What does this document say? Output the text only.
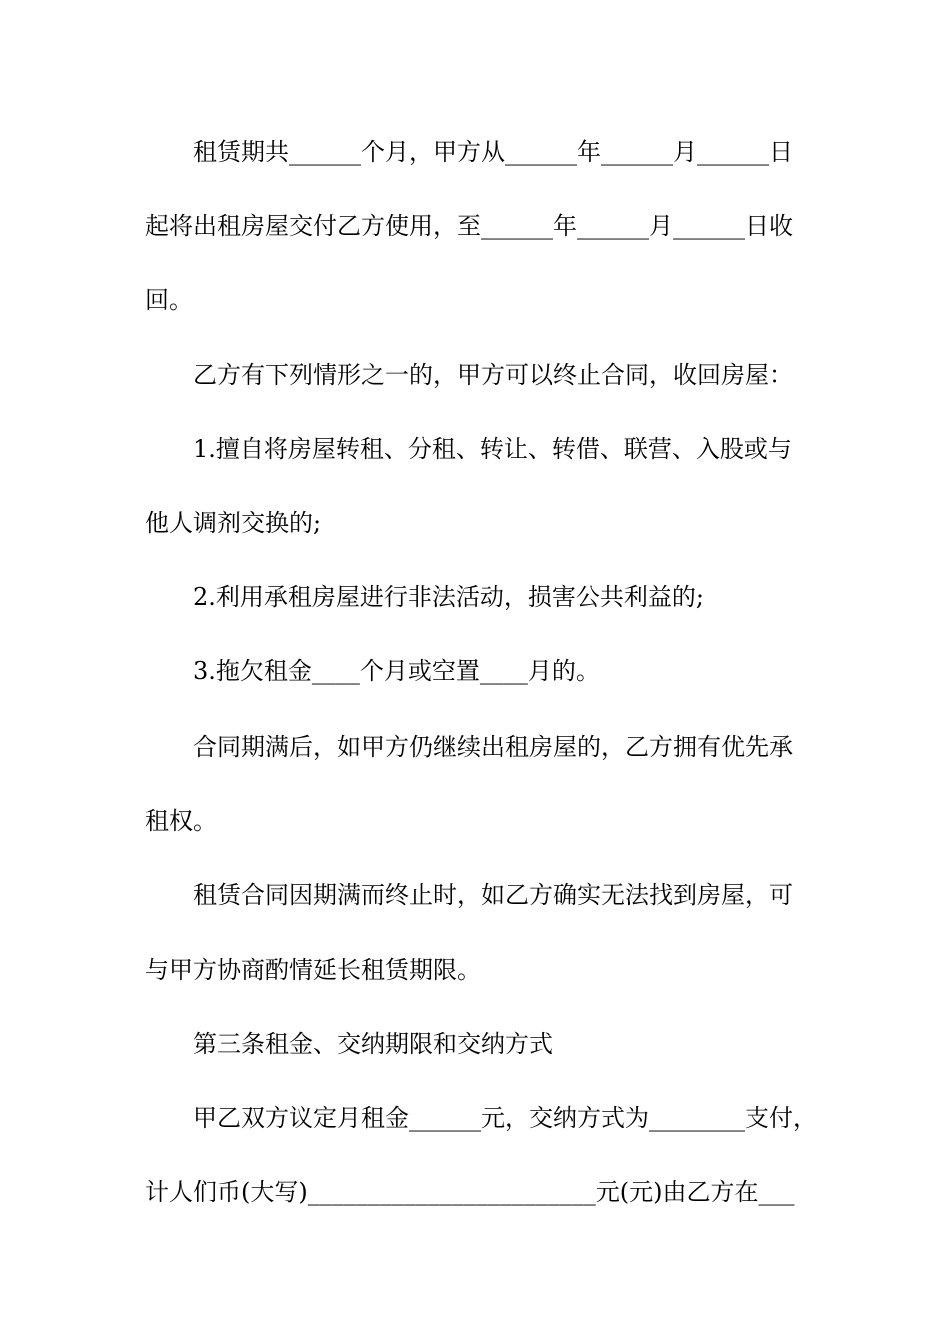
租赁期共______个月，甲方从______年______月______日
起将出租房屋交付乙方使用，至______年______月______日收
回。
乙方有下列情形之一的，甲方可以终止合同，收回房屋：
1.擅自将房屋转租、分租、转让、转借、联营、入股或与
他人调剂交换的;
2.利用承租房屋进行非法活动，损害公共利益的;
3.拖欠租金____个月或空置____月的。
合同期满后，如甲方仍继续出租房屋的，乙方拥有优先承
租权。
租赁合同因期满而终止时，如乙方确实无法找到房屋，可
与甲方协商酌情延长租赁期限。
第三条租金、交纳期限和交纳方式
甲乙双方议定月租金______元，交纳方式为________支付，
计人们币(大写)________________________元(元)由乙方在___
